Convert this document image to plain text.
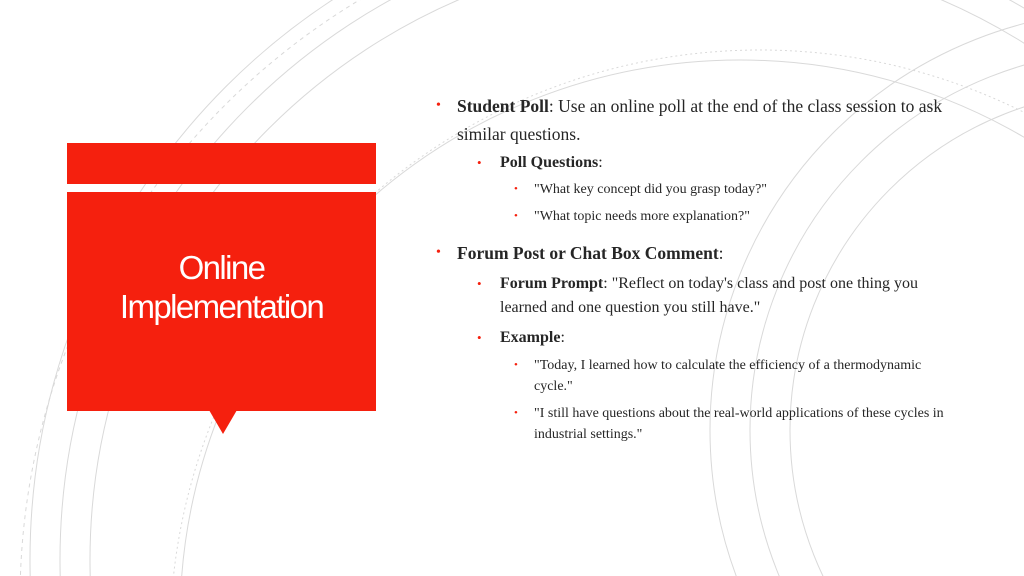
Online Implementation
• Student Poll: Use an online poll at the end of the class session to ask similar questions.
• Poll Questions:
• "What key concept did you grasp today?"
• "What topic needs more explanation?"
• Forum Post or Chat Box Comment:
• Forum Prompt: "Reflect on today's class and post one thing you learned and one question you still have."
• Example:
• "Today, I learned how to calculate the efficiency of a thermodynamic cycle."
• "I still have questions about the real-world applications of these cycles in industrial settings."
